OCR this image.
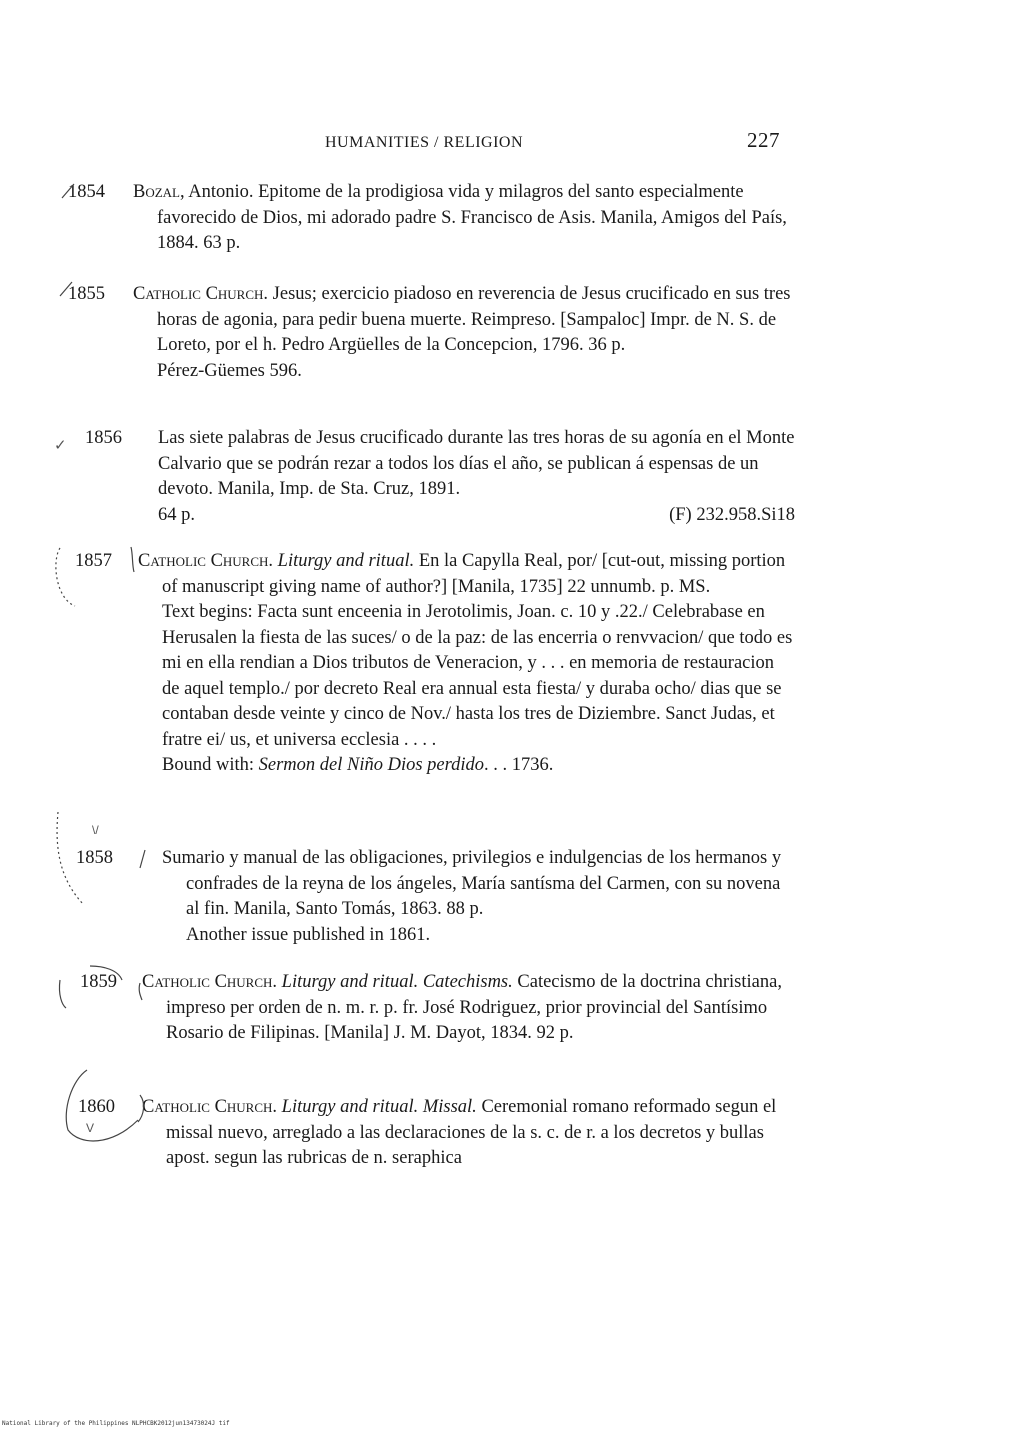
HUMANITIES / RELIGION	227
1854 Bozal, Antonio. Epitome de la prodigiosa vida y milagros del santo especialmente favorecido de Dios, mi adorado padre S. Francisco de Asis. Manila, Amigos del País, 1884. 63 p.
1855 Catholic Church. Jesus; exercicio piadoso en reverencia de Jesus crucificado en sus tres horas de agonia, para pedir buena muerte. Reimpreso. [Sampaloc] Impr. de N. S. de Loreto, por el h. Pedro Argüelles de la Concepcion, 1796. 36 p.
Pérez-Güemes 596.
1856 Las siete palabras de Jesus crucificado durante las tres horas de su agonía en el Monte Calvario que se podrán rezar a todos los días el año, se publican á espensas de un devoto. Manila, Imp. de Sta. Cruz, 1891.
64 p.	(F) 232.958.Si18
1857 Catholic Church. Liturgy and ritual. En la Capylla Real, por/ [cut-out, missing portion of manuscript giving name of author?] [Manila, 1735] 22 unnumb. p. MS.
Text begins: Facta sunt enceenia in Jerotolimis, Joan. c. 10 y .22./ Celebrabase en Herusalen la fiesta de las suces/ o de la paz: de las encerria o renvvacion/ que todo es mi en ella rendian a Dios tributos de Veneracion, y . . . en memoria de restauracion de aquel templo./ por decreto Real era annual esta fiesta/ y duraba ocho/ dias que se contaban desde veinte y cinco de Nov./ hasta los tres de Diziembre. Sanct Judas, et fratre ei/ us, et universa ecclesia . . . .
Bound with: Sermon del Niño Dios perdido. . . 1736.
1858	Sumario y manual de las obligaciones, privilegios e indulgencias de los hermanos y confrades de la reyna de los ángeles, María santísma del Carmen, con su novena al fin. Manila, Santo Tomás, 1863. 88 p.
Another issue published in 1861.
1859 Catholic Church. Liturgy and ritual. Catechisms. Catecismo de la doctrina christiana, impreso per orden de n. m. r. p. fr. José Rodriguez, prior provincial del Santísimo Rosario de Filipinas. [Manila] J. M. Dayot, 1834. 92 p.
1860 Catholic Church. Liturgy and ritual. Missal. Ceremonial romano reformado segun el missal nuevo, arreglado a las declaraciones de la s. c. de r. a los decretos y bullas apost. segun las rubricas de n. seraphica
✓
\/
V
National Library of the Philippines NLPHCBK2012jun13473024J tif
